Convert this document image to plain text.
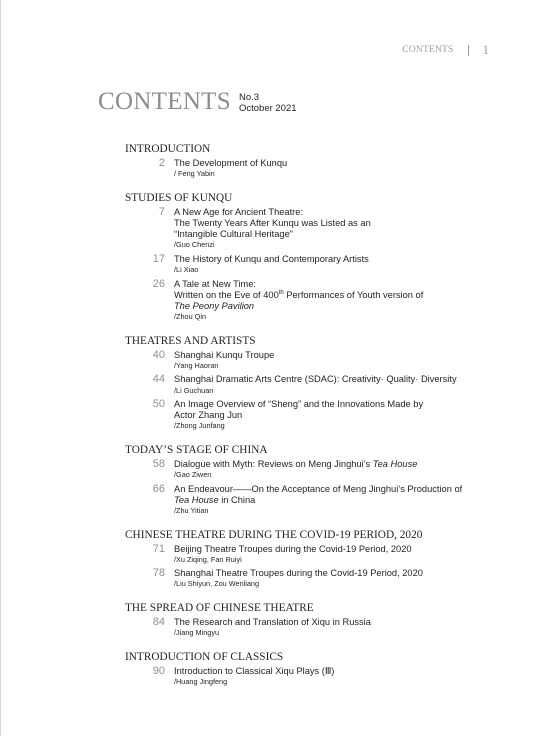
CONTENTS 1
CONTENTS No.3
October 2021
INTRODUCTION
2 The Development of Kunqu
/ Feng Yabin
STUDIES OF KUNQU
7 A New Age for Ancient Theatre:
The Twenty Years After Kunqu was Listed as an
“Intangible Cultural Heritage”
/Guo Chenzi
17 The History of Kunqu and Contemporary Artists
/Li Xiao
26 A Tale at New Time:
Written on the Eve of 400th Performances of Youth version of
The Peony Pavilion
/Zhou Qin
THEATRES AND ARTISTS
40 Shanghai Kunqu Troupe
/Yang Haoran
44 Shanghai Dramatic Arts Centre (SDAC): Creativity· Quality· Diversity
/Li Guchuan
50 An Image Overview of “Sheng” and the Innovations Made by
Actor Zhang Jun
/Zhong Junfang
TODAY’S STAGE OF CHINA
58 Dialogue with Myth: Reviews on Meng Jinghui’s Tea House
/Gao Ziwen
66 An Endeavour——On the Acceptance of Meng Jinghui’s Production of
Tea House in China
/Zhu Yitian
CHINESE THEATRE DURING THE COVID-19 PERIOD, 2020
71 Beijing Theatre Troupes during the Covid-19 Period, 2020
/Xu Ziqing, Fan Ruiyi
78 Shanghai Theatre Troupes during the Covid-19 Period, 2020
/Liu Shiyun, Zou Wenliang
THE SPREAD OF CHINESE THEATRE
84 The Research and Translation of Xiqu in Russia
/Jiang Mingyu
INTRODUCTION OF CLASSICS
90 Introduction to Classical Xiqu Plays (Ⅲ)
/Huang Jingfeng
